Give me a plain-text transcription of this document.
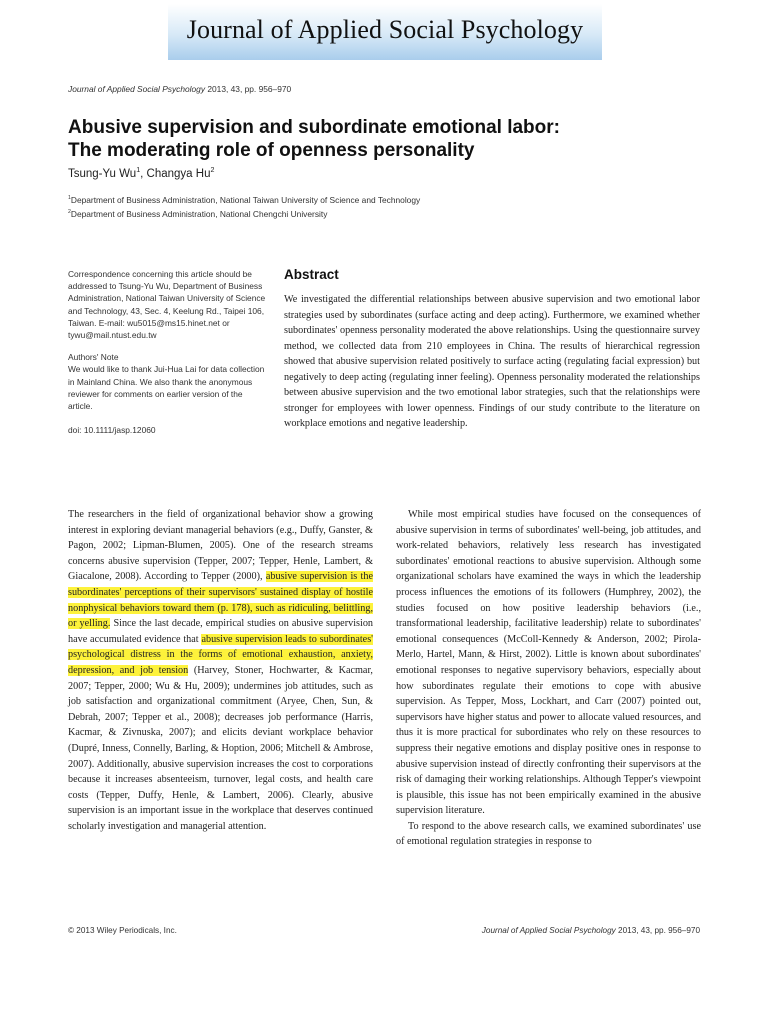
Journal of Applied Social Psychology
Journal of Applied Social Psychology 2013, 43, pp. 956–970
Abusive supervision and subordinate emotional labor:
The moderating role of openness personality
Tsung-Yu Wu$^1$, Changya Hu$^2$
$^1$Department of Business Administration, National Taiwan University of Science and Technology
$^2$Department of Business Administration, National Chengchi University

Correspondence concerning this article should be addressed to Tsung-Yu Wu, Department of Business Administration, National Taiwan University of Science and Technology, 43, Sec. 4, Keelung Rd., Taipei 106, Taiwan. E-mail: wu5015@ms15.hinet.net or tywu@mail.ntust.edu.tw

Authors' Note

We would like to thank Jui-Hua Lai for data collection in Mainland China. We also thank the anonymous reviewer for comments on earlier version of the article.

doi: 10.1111/jasp.12060

Abstract
We investigated the differential relationships between abusive supervision and two emotional labor strategies used by subordinates (surface acting and deep acting). Furthermore, we examined whether subordinates' openness personality moderated the above relationships. Using the questionnaire survey method, we collected data from 210 employees in China. The results of hierarchical regression showed that abusive supervision related positively to surface acting (regulating facial expression) but negatively to deep acting (regulating inner feeling). Openness personality moderated the relationships between abusive supervision and the two emotional labor strategies, such that the relationships were stronger for employees with lower openness. Findings of our study contribute to the literature on workplace emotions and negative leadership.

The researchers in the field of organizational behavior show a growing interest in exploring deviant managerial behaviors (e.g., Duffy, Ganster, & Pagon, 2002; Lipman-Blumen, 2005). One of the research streams concerns abusive supervision (Tepper, 2007; Tepper, Henle, Lambert, & Giacalone, 2008). According to Tepper (2000), abusive supervision is the subordinates' perceptions of their supervisors' sustained display of hostile nonphysical behaviors toward them (p. 178), such as ridiculing, belittling, or yelling. Since the last decade, empirical studies on abusive supervision have accumulated evidence that abusive supervision leads to subordinates' psychological distress in the forms of emotional exhaustion, anxiety, depression, and job tension (Harvey, Stoner, Hochwarter, & Kacmar, 2007; Tepper, 2000; Wu & Hu, 2009); undermines job attitudes, such as job satisfaction and organizational commitment (Aryee, Chen, Sun, & Debrah, 2007; Tepper et al., 2008); decreases job performance (Harris, Kacmar, & Zivnuska, 2007); and elicits deviant workplace behavior (Dupré, Inness, Connelly, Barling, & Hoption, 2006; Mitchell & Ambrose, 2007). Additionally, abusive supervision increases the cost to corporations because it increases absenteeism, turnover, legal costs, and health care costs (Tepper, Duffy, Henle, & Lambert, 2006). Clearly, abusive supervision is an important issue in the workplace that deserves continued scholarly investigation and managerial attention.

While most empirical studies have focused on the consequences of abusive supervision in terms of subordinates' well-being, job attitudes, and work-related behaviors, relatively less research has investigated subordinates' emotional reactions to abusive supervision. Although some organizational scholars have examined the ways in which the leadership process influences the emotions of its followers (Humphrey, 2002), the studies focused on how positive leadership behaviors (i.e., transformational leadership, facilitative leadership) relate to subordinates' emotional consequences (McColl-Kennedy & Anderson, 2002; Pirola-Merlo, Hartel, Mann, & Hirst, 2002). Little is known about subordinates' emotional responses to negative supervisory behaviors, especially about how subordinates regulate their emotions to cope with abusive supervision. As Tepper, Moss, Lockhart, and Carr (2007) pointed out, supervisors have higher status and power to allocate valued resources, and thus it is more practical for subordinates who rely on these resources to suppress their negative emotions and display positive ones in response to abusive supervision instead of directly confronting their supervisors at the risk of damaging their working relationships. Although Tepper's viewpoint is plausible, this issue has not been empirically examined in the abusive supervision literature.

To respond to the above research calls, we examined subordinates' use of emotional regulation strategies in response to

© 2013 Wiley Periodicals, Inc.	Journal of Applied Social Psychology 2013, 43, pp. 956–970
